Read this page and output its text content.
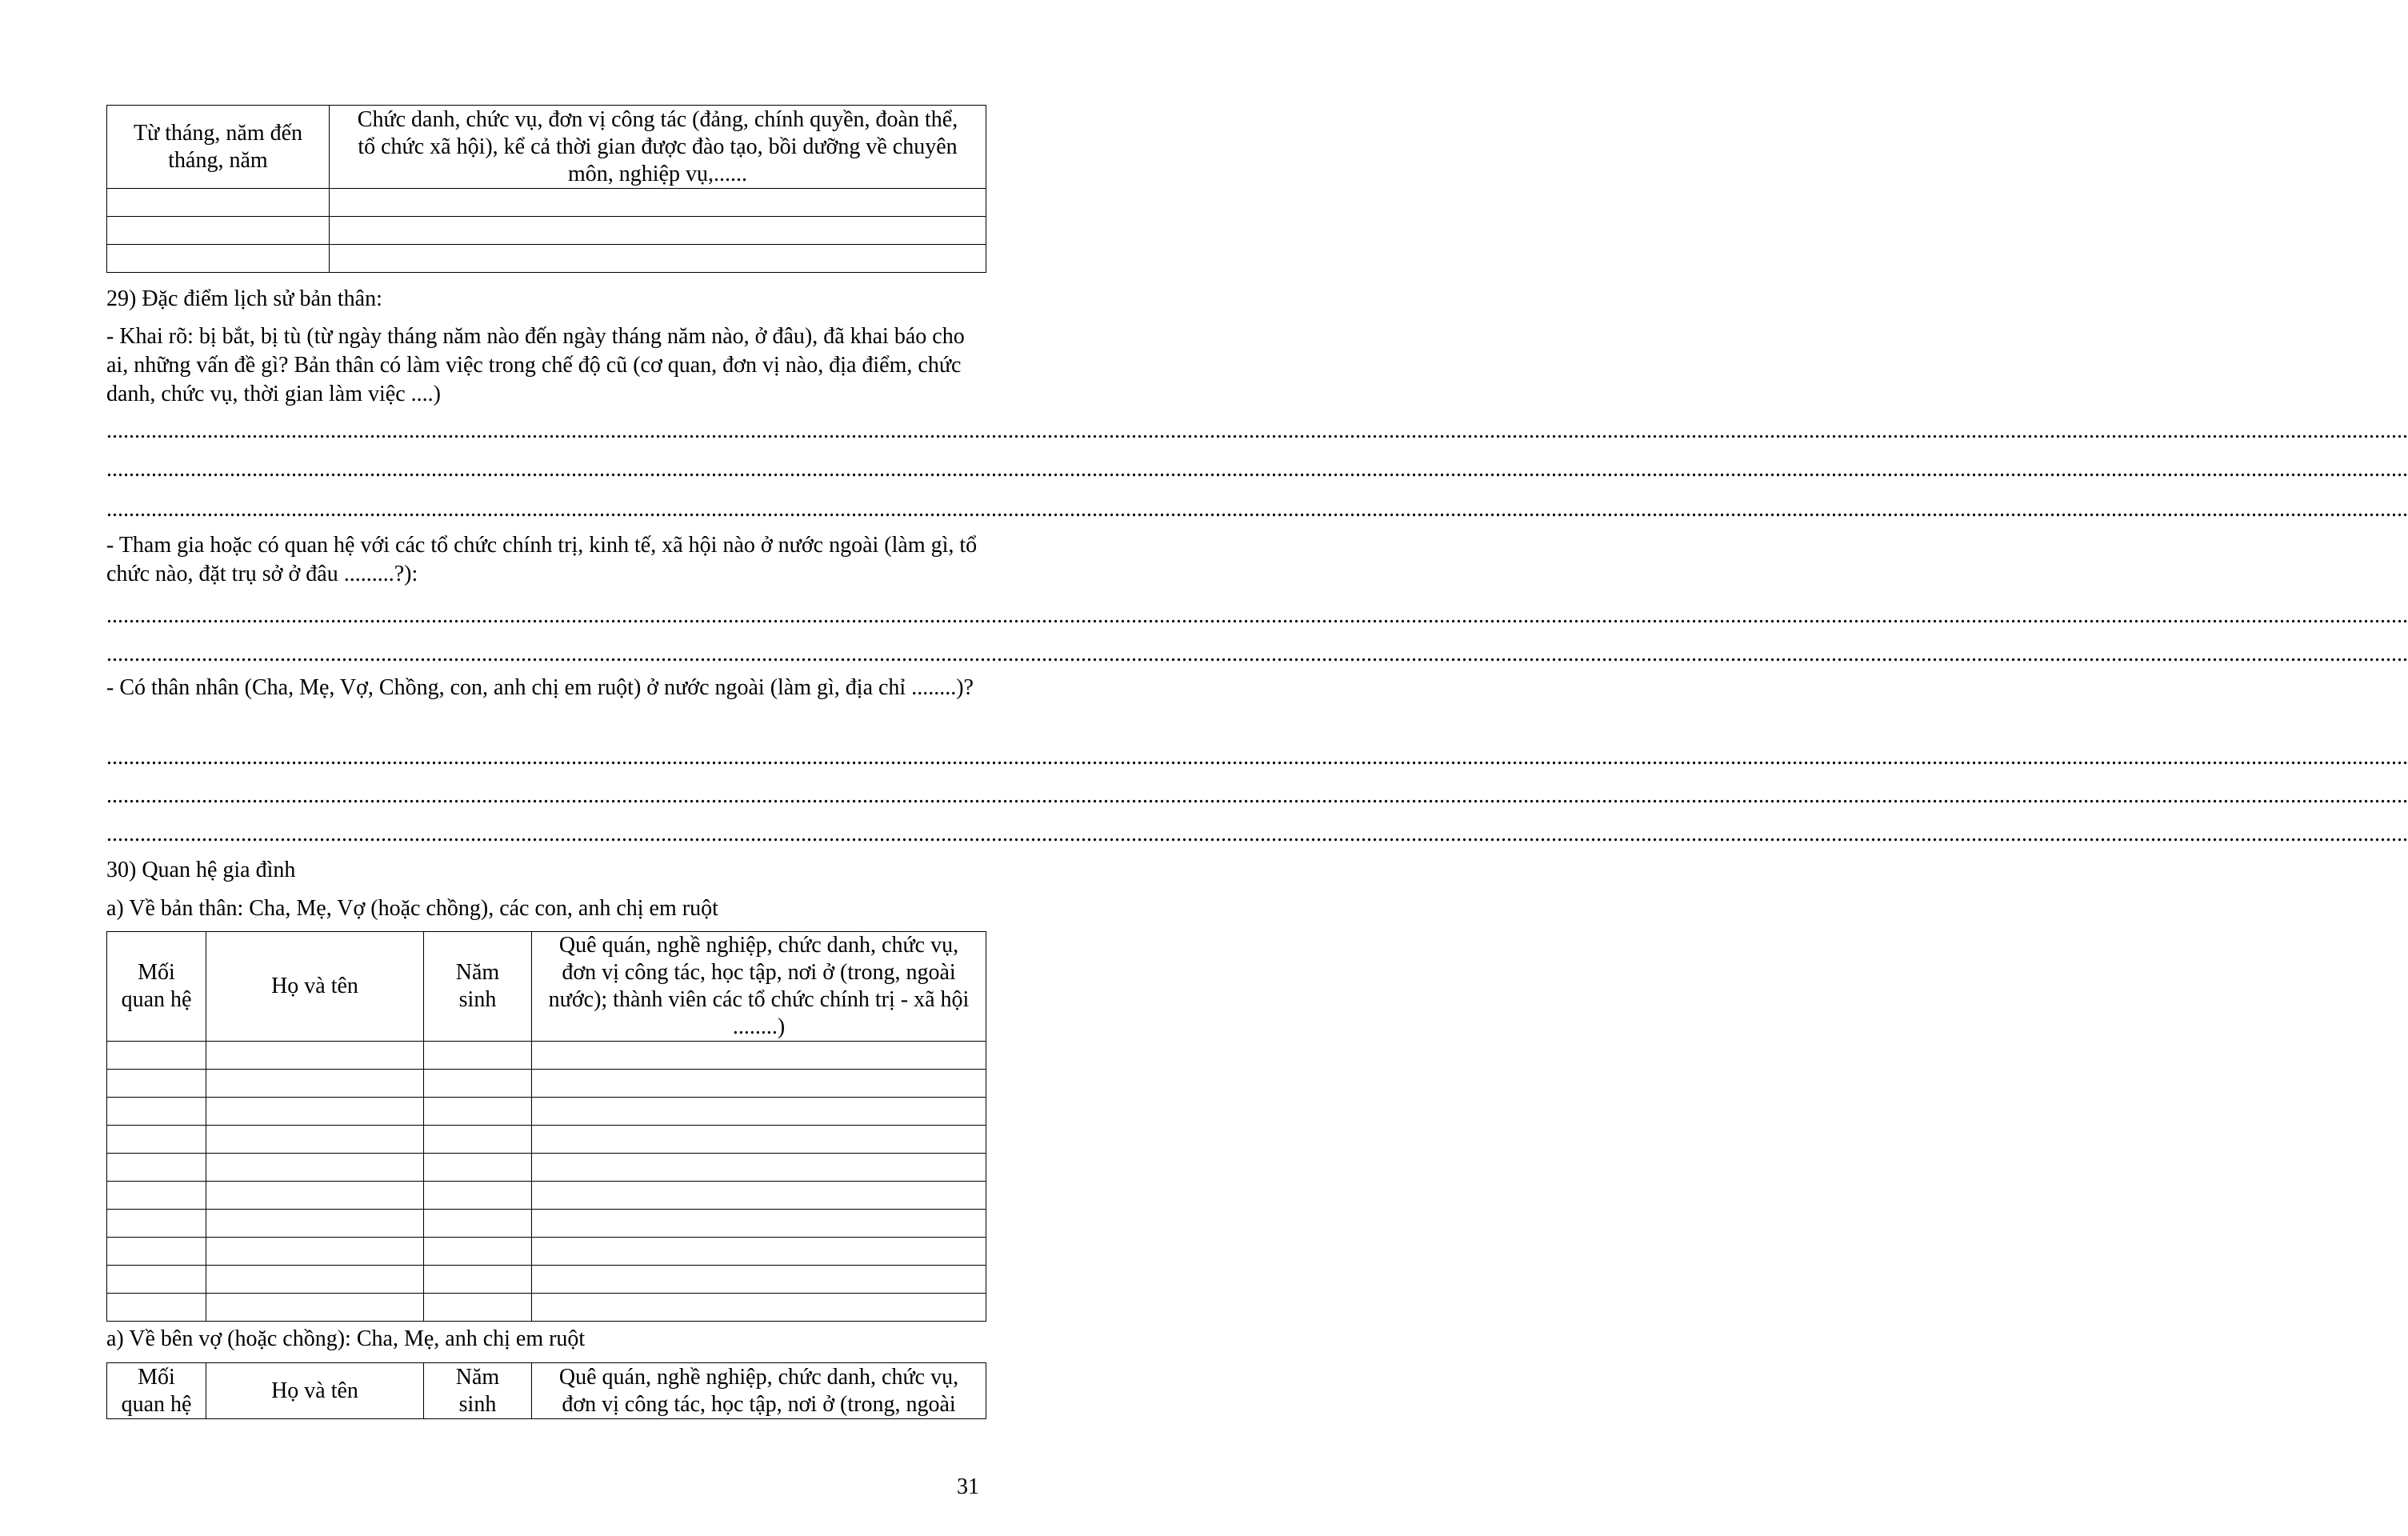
Từ tháng, năm đến tháng, năm	Chức danh, chức vụ, đơn vị công tác (đảng, chính quyền, đoàn thể, tổ chức xã hội), kể cả thời gian được đào tạo, bồi dưỡng về chuyên môn, nghiệp vụ,......

29) Đặc điểm lịch sử bản thân:
- Khai rõ: bị bắt, bị tù (từ ngày tháng năm nào đến ngày tháng năm nào, ở đâu), đã khai báo cho ai, những vấn đề gì? Bản thân có làm việc trong chế độ cũ (cơ quan, đơn vị nào, địa điểm, chức danh, chức vụ, thời gian làm việc ....)
...........................................................................................................................................................................................................................................................................................................................................................................................................................
...........................................................................................................................................................................................................................................................................................................................................................................................................................
...........................................................................................................................................................................................................................................................................................................................................................................................................................
- Tham gia hoặc có quan hệ với các tổ chức chính trị, kinh tế, xã hội nào ở nước ngoài (làm gì, tổ chức nào, đặt trụ sở ở đâu .........?):
...........................................................................................................................................................................................................................................................................................................................................................................................................................
...........................................................................................................................................................................................................................................................................................................................................................................................................................
- Có thân nhân (Cha, Mẹ, Vợ, Chồng, con, anh chị em ruột) ở nước ngoài (làm gì, địa chỉ ........)?
...........................................................................................................................................................................................................................................................................................................................................................................................................................
...........................................................................................................................................................................................................................................................................................................................................................................................................................
...........................................................................................................................................................................................................................................................................................................................................................................................................................
30) Quan hệ gia đình
a) Về bản thân: Cha, Mẹ, Vợ (hoặc chồng), các con, anh chị em ruột
Mối quan hệ	Họ và tên	Năm sinh	Quê quán, nghề nghiệp, chức danh, chức vụ, đơn vị công tác, học tập, nơi ở (trong, ngoài nước); thành viên các tổ chức chính trị - xã hội ........)

a) Về bên vợ (hoặc chồng): Cha, Mẹ, anh chị em ruột
Mối quan hệ	Họ và tên	Năm sinh	Quê quán, nghề nghiệp, chức danh, chức vụ, đơn vị công tác, học tập, nơi ở (trong, ngoài
31
